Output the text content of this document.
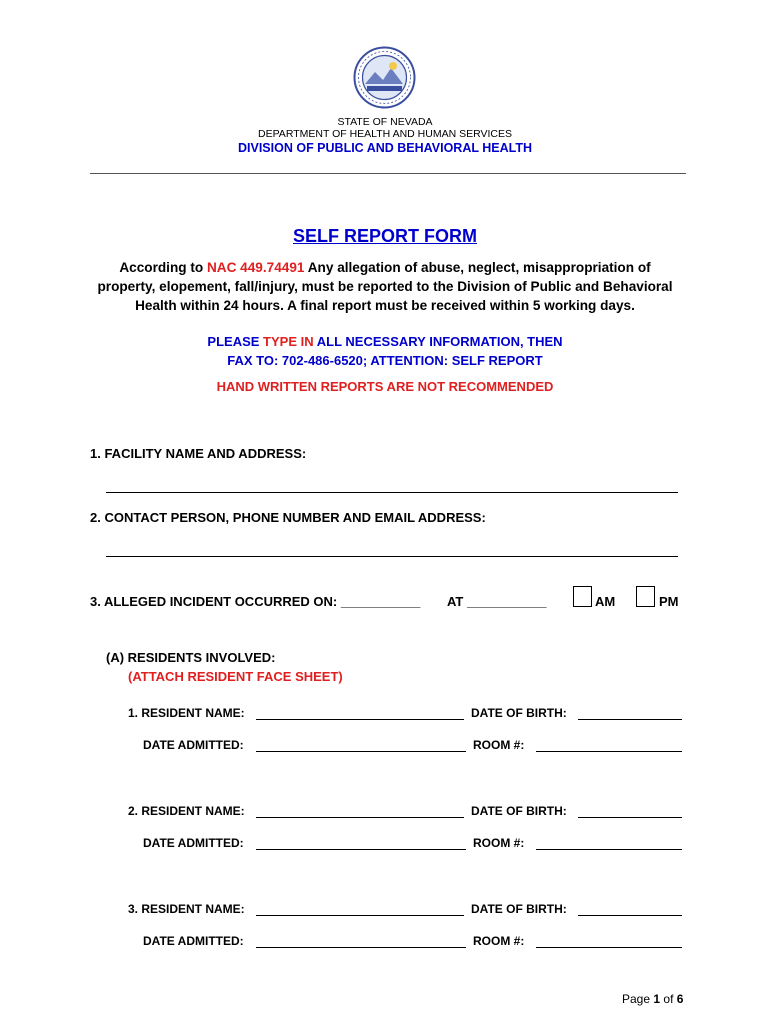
STATE OF NEVADA
DEPARTMENT OF HEALTH AND HUMAN SERVICES
DIVISION OF PUBLIC AND BEHAVIORAL HEALTH
SELF REPORT FORM
According to NAC 449.74491 Any allegation of abuse, neglect, misappropriation of
property, elopement, fall/injury, must be reported to the Division of Public and Behavioral
Health within 24 hours. A final report must be received within 5 working days.
PLEASE TYPE IN ALL NECESSARY INFORMATION, THEN
FAX TO: 702-486-6520; ATTENTION: SELF REPORT
HAND WRITTEN REPORTS ARE NOT RECOMMENDED
1. FACILITY NAME AND ADDRESS:
2. CONTACT PERSON, PHONE NUMBER AND EMAIL ADDRESS:
3. ALLEGED INCIDENT OCCURRED ON: ___________ AT ___________	AM	PM
(A) RESIDENTS INVOLVED:
(ATTACH RESIDENT FACE SHEET)
1. RESIDENT NAME:	DATE OF BIRTH:
DATE ADMITTED:	ROOM #:
2. RESIDENT NAME:	DATE OF BIRTH:
DATE ADMITTED:	ROOM #:
3. RESIDENT NAME:	DATE OF BIRTH:
DATE ADMITTED:	ROOM #:
Page 1 of 6
